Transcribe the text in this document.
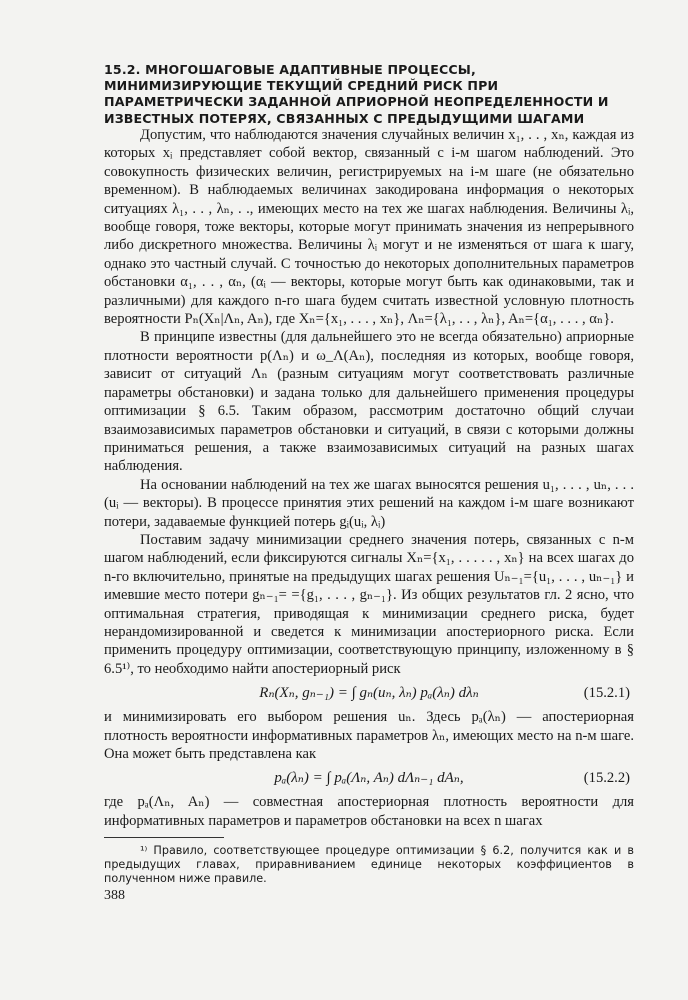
15.2. МНОГОШАГОВЫЕ АДАПТИВНЫЕ ПРОЦЕССЫ, МИНИМИЗИРУЮЩИЕ ТЕКУЩИЙ СРЕДНИЙ РИСК ПРИ ПАРАМЕТРИЧЕСКИ ЗАДАННОЙ АПРИОРНОЙ НЕОПРЕДЕЛЕННОСТИ И ИЗВЕСТНЫХ ПОТЕРЯХ, СВЯЗАННЫХ С ПРЕДЫДУЩИМИ ШАГАМИ

Допустим, что наблюдаются значения случайных величин x₁, . . , xₙ, каждая из которых xᵢ представляет собой вектор, связанный с i-м шагом наблюдений. Это совокупность физических величин, регистрируемых на i-м шаге (не обязательно временном). В наблюдаемых величинах закодирована информация о некоторых ситуациях λ₁, . . , λₙ, . ., имеющих место на тех же шагах наблюдения. Величины λᵢ, вообще говоря, тоже векторы, которые могут принимать значения из непрерывного либо дискретного множества. Величины λᵢ могут и не изменяться от шага к шагу, однако это частный случай. С точностью до некоторых дополнительных параметров обстановки α₁, . . , αₙ, (αᵢ — векторы, которые могут быть как одинаковыми, так и различными) для каждого n-го шага будем считать известной условную плотность вероятности Pₙ(Xₙ|Λₙ, Aₙ), где Xₙ={x₁, . . . , xₙ}, Λₙ={λ₁, . . , λₙ}, Aₙ={α₁, . . . , αₙ}.

В принципе известны (для дальнейшего это не всегда обязательно) априорные плотности вероятности p(Λₙ) и ω_Λ(Aₙ), последняя из которых, вообще говоря, зависит от ситуаций Λₙ (разным ситуациям могут соответствовать различные параметры обстановки) и задана только для дальнейшего применения процедуры оптимизации § 6.5. Таким образом, рассмотрим достаточно общий случаи взаимозависимых параметров обстановки и ситуаций, в связи с которыми должны приниматься решения, а также взаимозависимых ситуаций на разных шагах наблюдения.

На основании наблюдений на тех же шагах выносятся решения u₁, . . . , uₙ, . . . (uᵢ — векторы). В процессе принятия этих решений на каждом i-м шаге возникают потери, задаваемые функцией потерь gᵢ(uᵢ, λᵢ)

Поставим задачу минимизации среднего значения потерь, связанных с n-м шагом наблюдений, если фиксируются сигналы Xₙ={x₁, . . . . . , xₙ} на всех шагах до n-го включительно, принятые на предыдущих шагах решения Uₙ₋₁={u₁, . . . , uₙ₋₁} и имевшие место потери gₙ₋₁= ={g₁, . . . , gₙ₋₁}. Из общих результатов гл. 2 ясно, что оптимальная стратегия, приводящая к минимизации среднего риска, будет нерандомизированной и сведется к минимизации апостериорного риска. Если применить процедуру оптимизации, соответствующую принципу, изложенному в § 6.5¹⁾, то необходимо найти апостериорный риск

Rₙ(Xₙ, gₙ₋₁) = ∫ gₙ(uₙ, λₙ) pₐ(λₙ) dλₙ	(15.2.1)

и минимизировать его выбором решения uₙ. Здесь pₐ(λₙ) — апостериорная плотность вероятности информативных параметров λₙ, имеющих место на n-м шаге. Она может быть представлена как

pₐ(λₙ) = ∫ pₐ(Λₙ, Aₙ) dΛₙ₋₁ dAₙ,	(15.2.2)

где pₐ(Λₙ, Aₙ) — совместная апостериорная плотность вероятности для информативных параметров и параметров обстановки на всех n шагах

¹⁾ Правило, соответствующее процедуре оптимизации § 6.2, получится как и в предыдущих главах, приравниванием единице некоторых коэффициентов в полученном ниже правиле.

388
